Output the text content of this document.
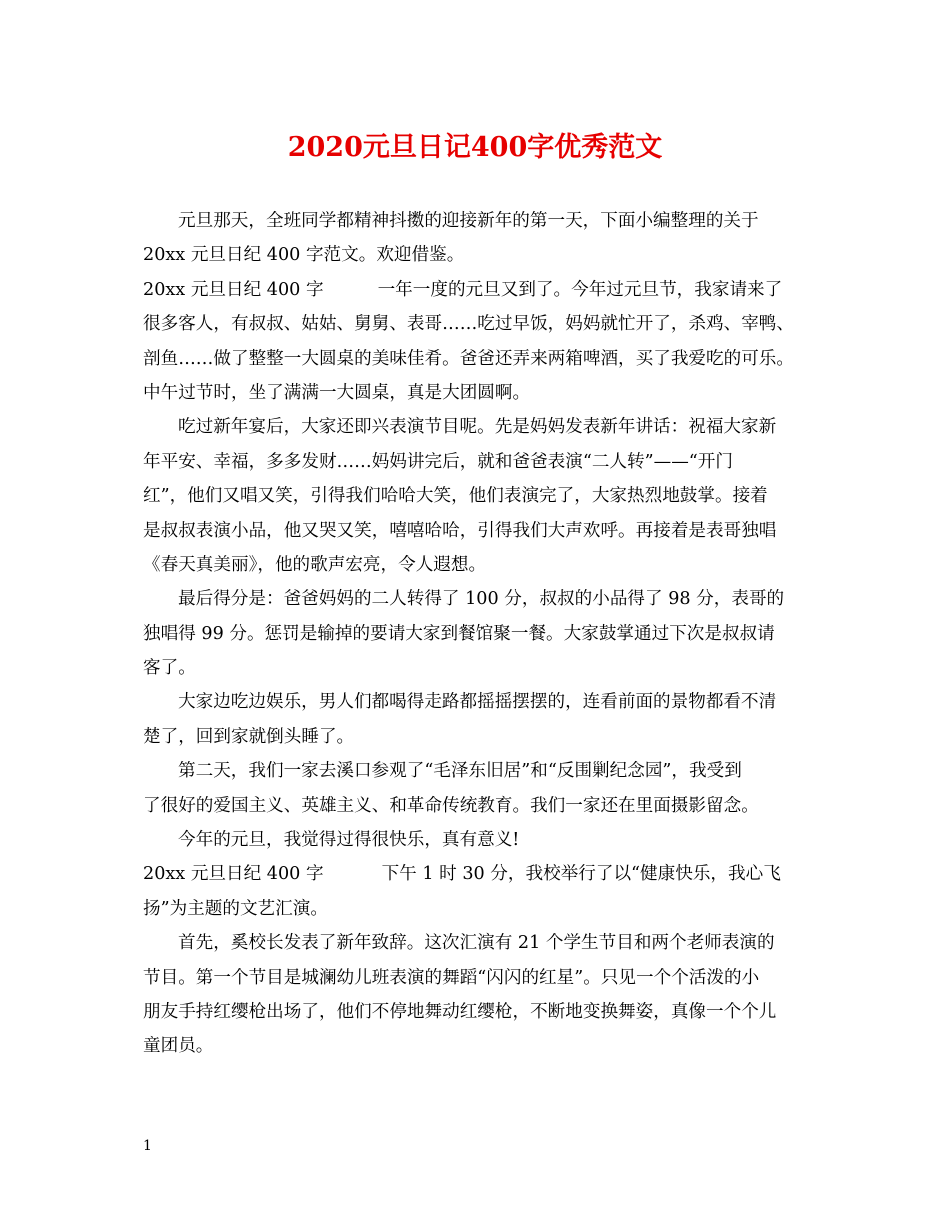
2020元旦日记400字优秀范文
元旦那天，全班同学都精神抖擞的迎接新年的第一天，下面小编整理的关于
20xx 元旦日纪 400 字范文。欢迎借鉴。
20xx 元旦日纪 400 字	一年一度的元旦又到了。今年过元旦节，我家请来了
很多客人，有叔叔、姑姑、舅舅、表哥……吃过早饭，妈妈就忙开了，杀鸡、宰鸭、
剖鱼……做了整整一大圆桌的美味佳肴。爸爸还弄来两箱啤酒，买了我爱吃的可乐。
中午过节时，坐了满满一大圆桌，真是大团圆啊。
吃过新年宴后，大家还即兴表演节目呢。先是妈妈发表新年讲话：祝福大家新
年平安、幸福，多多发财……妈妈讲完后，就和爸爸表演“二人转”——“开门
红”，他们又唱又笑，引得我们哈哈大笑，他们表演完了，大家热烈地鼓掌。接着
是叔叔表演小品，他又哭又笑，嘻嘻哈哈，引得我们大声欢呼。再接着是表哥独唱
《春天真美丽》，他的歌声宏亮，令人遐想。
最后得分是：爸爸妈妈的二人转得了 100 分，叔叔的小品得了 98 分，表哥的
独唱得 99 分。惩罚是输掉的要请大家到餐馆聚一餐。大家鼓掌通过下次是叔叔请
客了。
大家边吃边娱乐，男人们都喝得走路都摇摇摆摆的，连看前面的景物都看不清
楚了，回到家就倒头睡了。
第二天，我们一家去溪口参观了“毛泽东旧居”和“反围剿纪念园”，我受到
了很好的爱国主义、英雄主义、和革命传统教育。我们一家还在里面摄影留念。
今年的元旦，我觉得过得很快乐，真有意义!
20xx 元旦日纪 400 字	下午 1 时 30 分，我校举行了以“健康快乐，我心飞
扬”为主题的文艺汇演。
首先，奚校长发表了新年致辞。这次汇演有 21 个学生节目和两个老师表演的
节目。第一个节目是城澜幼儿班表演的舞蹈“闪闪的红星”。只见一个个活泼的小
朋友手持红缨枪出场了，他们不停地舞动红缨枪，不断地变换舞姿，真像一个个儿
童团员。
1
